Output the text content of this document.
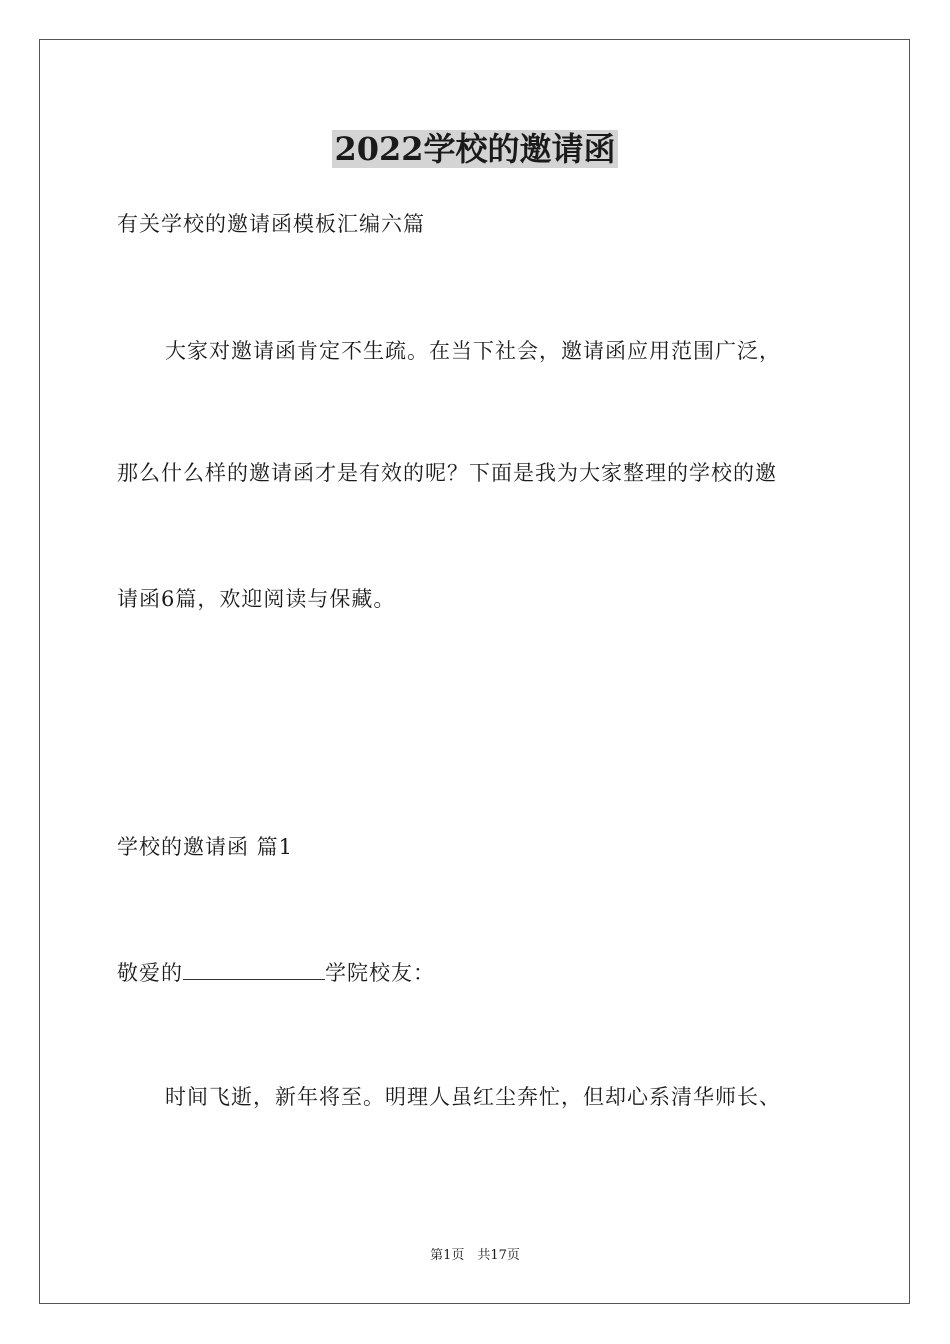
2022学校的邀请函
有关学校的邀请函模板汇编六篇
大家对邀请函肯定不生疏。在当下社会，邀请函应用范围广泛，
那么什么样的邀请函才是有效的呢？下面是我为大家整理的学校的邀
请函6篇，欢迎阅读与保藏。
学校的邀请函 篇1
敬爱的	学院校友：
时间飞逝，新年将至。明理人虽红尘奔忙，但却心系清华师长、
第1页　共17页
